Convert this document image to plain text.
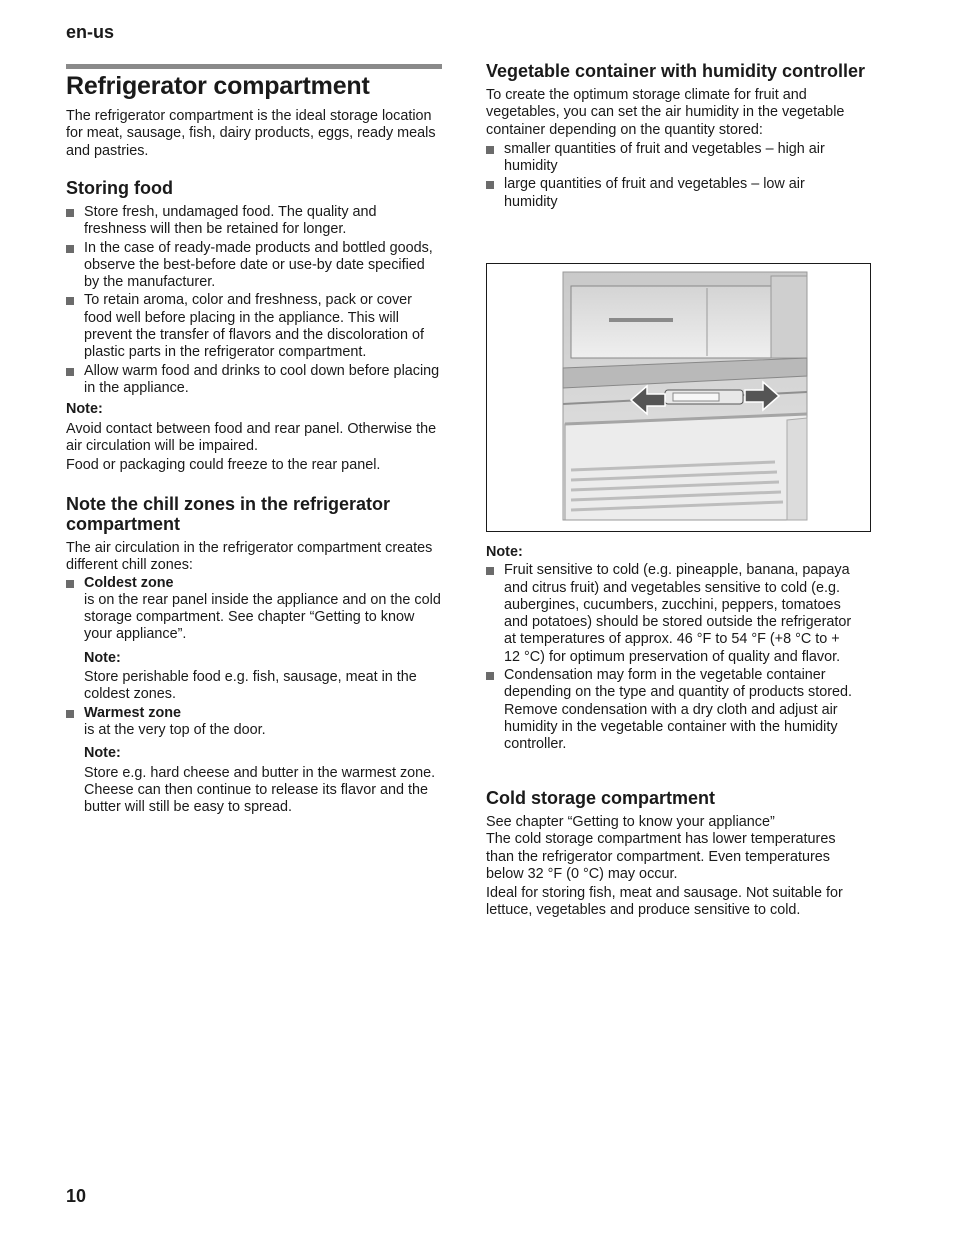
en-us
Refrigerator compartment

The refrigerator compartment is the ideal storage location for meat, sausage, fish, dairy products, eggs, ready meals and pastries.

Storing food
Store fresh, undamaged food. The quality and freshness will then be retained for longer.
In the case of ready-made products and bottled goods, observe the best-before date or use-by date specified by the manufacturer.
To retain aroma, color and freshness, pack or cover food well before placing in the appliance. This will prevent the transfer of flavors and the discoloration of plastic parts in the refrigerator compartment.
Allow warm food and drinks to cool down before placing in the appliance.
Note:

Avoid contact between food and rear panel. Otherwise the air circulation will be impaired.

Food or packaging could freeze to the rear panel.

Note the chill zones in the refrigerator compartment

The air circulation in the refrigerator compartment creates different chill zones:

Coldest zone
is on the rear panel inside the appliance and on the cold storage compartment. See chapter “Getting to know your appliance”.
Note:
Store perishable food e.g. fish, sausage, meat in the coldest zones.
Warmest zone
is at the very top of the door.
Note:
Store e.g. hard cheese and butter in the warmest zone. Cheese can then continue to release its flavor and the butter will still be easy to spread.
Vegetable container with humidity controller

To create the optimum storage climate for fruit and vegetables, you can set the air humidity in the vegetable container depending on the quantity stored:

smaller quantities of fruit and vegetables – high air humidity
large quantities of fruit and vegetables – low air humidity
Note:
Fruit sensitive to cold (e.g. pineapple, banana, papaya and citrus fruit) and vegetables sensitive to cold (e.g. aubergines, cucumbers, zucchini, peppers, tomatoes and potatoes) should be stored outside the refrigerator at temperatures of approx. 46 °F to 54 °F (+8 °C to + 12 °C) for optimum preservation of quality and flavor.
Condensation may form in the vegetable container depending on the type and quantity of products stored. Remove condensation with a dry cloth and adjust air humidity in the vegetable container with the humidity controller.
Cold storage compartment

See chapter “Getting to know your appliance”

The cold storage compartment has lower temperatures than the refrigerator compartment. Even temperatures below 32 °F (0 °C) may occur.

Ideal for storing fish, meat and sausage. Not suitable for lettuce, vegetables and produce sensitive to cold.

10
